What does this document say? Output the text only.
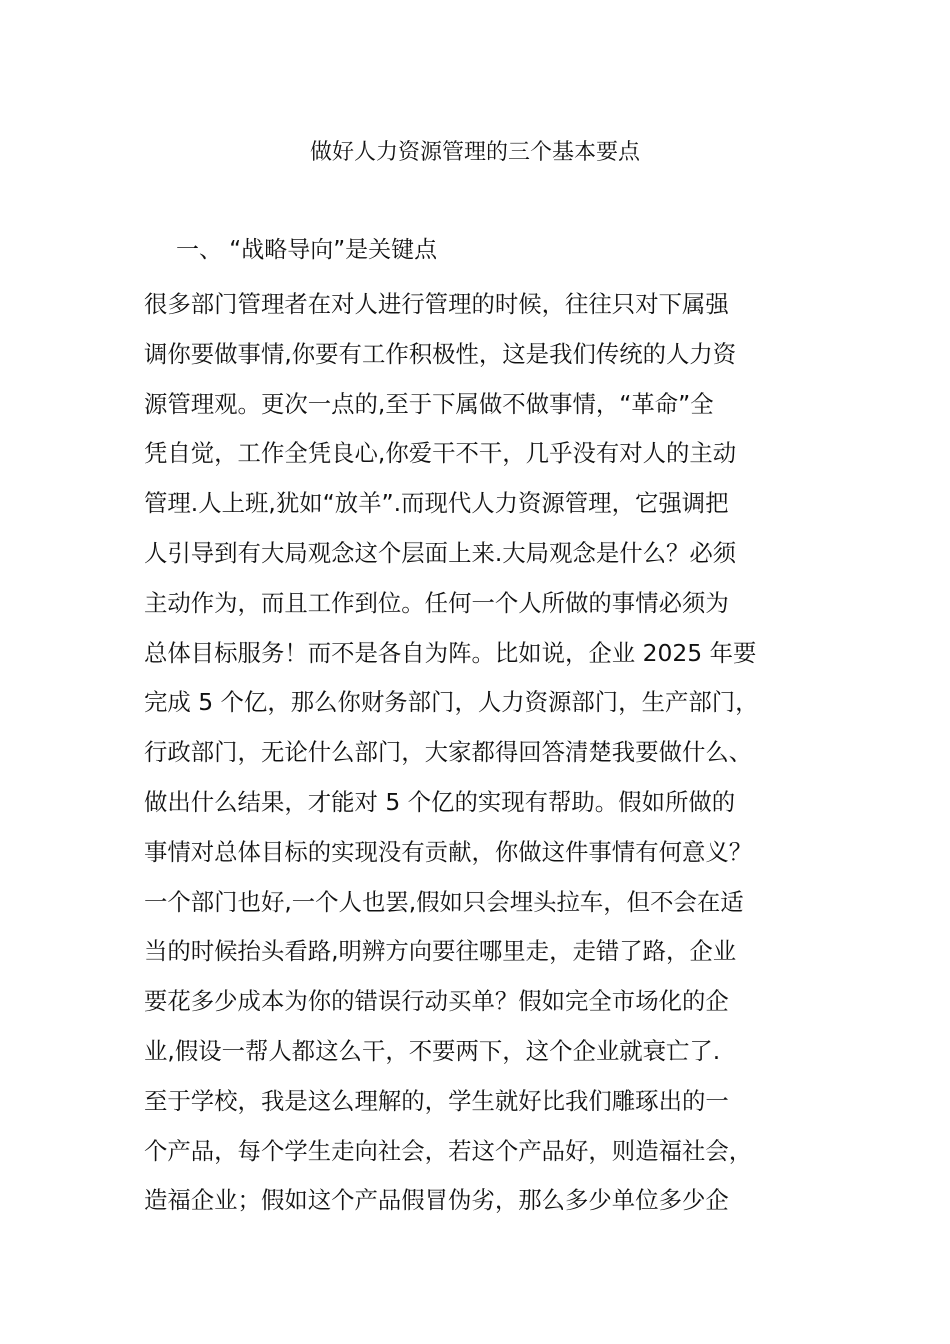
做好人力资源管理的三个基本要点
一、 “战略导向”是关键点
很多部门管理者在对人进行管理的时候，往往只对下属强
调你要做事情,你要有工作积极性，这是我们传统的人力资
源管理观。更次一点的,至于下属做不做事情，“革命”全
凭自觉，工作全凭良心,你爱干不干，几乎没有对人的主动
管理.人上班,犹如“放羊”.而现代人力资源管理，它强调把
人引导到有大局观念这个层面上来.大局观念是什么？必须
主动作为，而且工作到位。任何一个人所做的事情必须为
总体目标服务！而不是各自为阵。比如说，企业 2025 年要
完成 5 个亿，那么你财务部门，人力资源部门，生产部门，
行政部门，无论什么部门，大家都得回答清楚我要做什么、
做出什么结果，才能对 5 个亿的实现有帮助。假如所做的
事情对总体目标的实现没有贡献，你做这件事情有何意义？
一个部门也好,一个人也罢,假如只会埋头拉车，但不会在适
当的时候抬头看路,明辨方向要往哪里走，走错了路，企业
要花多少成本为你的错误行动买单？假如完全市场化的企
业,假设一帮人都这么干，不要两下，这个企业就衰亡了.
至于学校，我是这么理解的，学生就好比我们雕琢出的一
个产品，每个学生走向社会，若这个产品好，则造福社会，
造福企业；假如这个产品假冒伪劣，那么多少单位多少企
